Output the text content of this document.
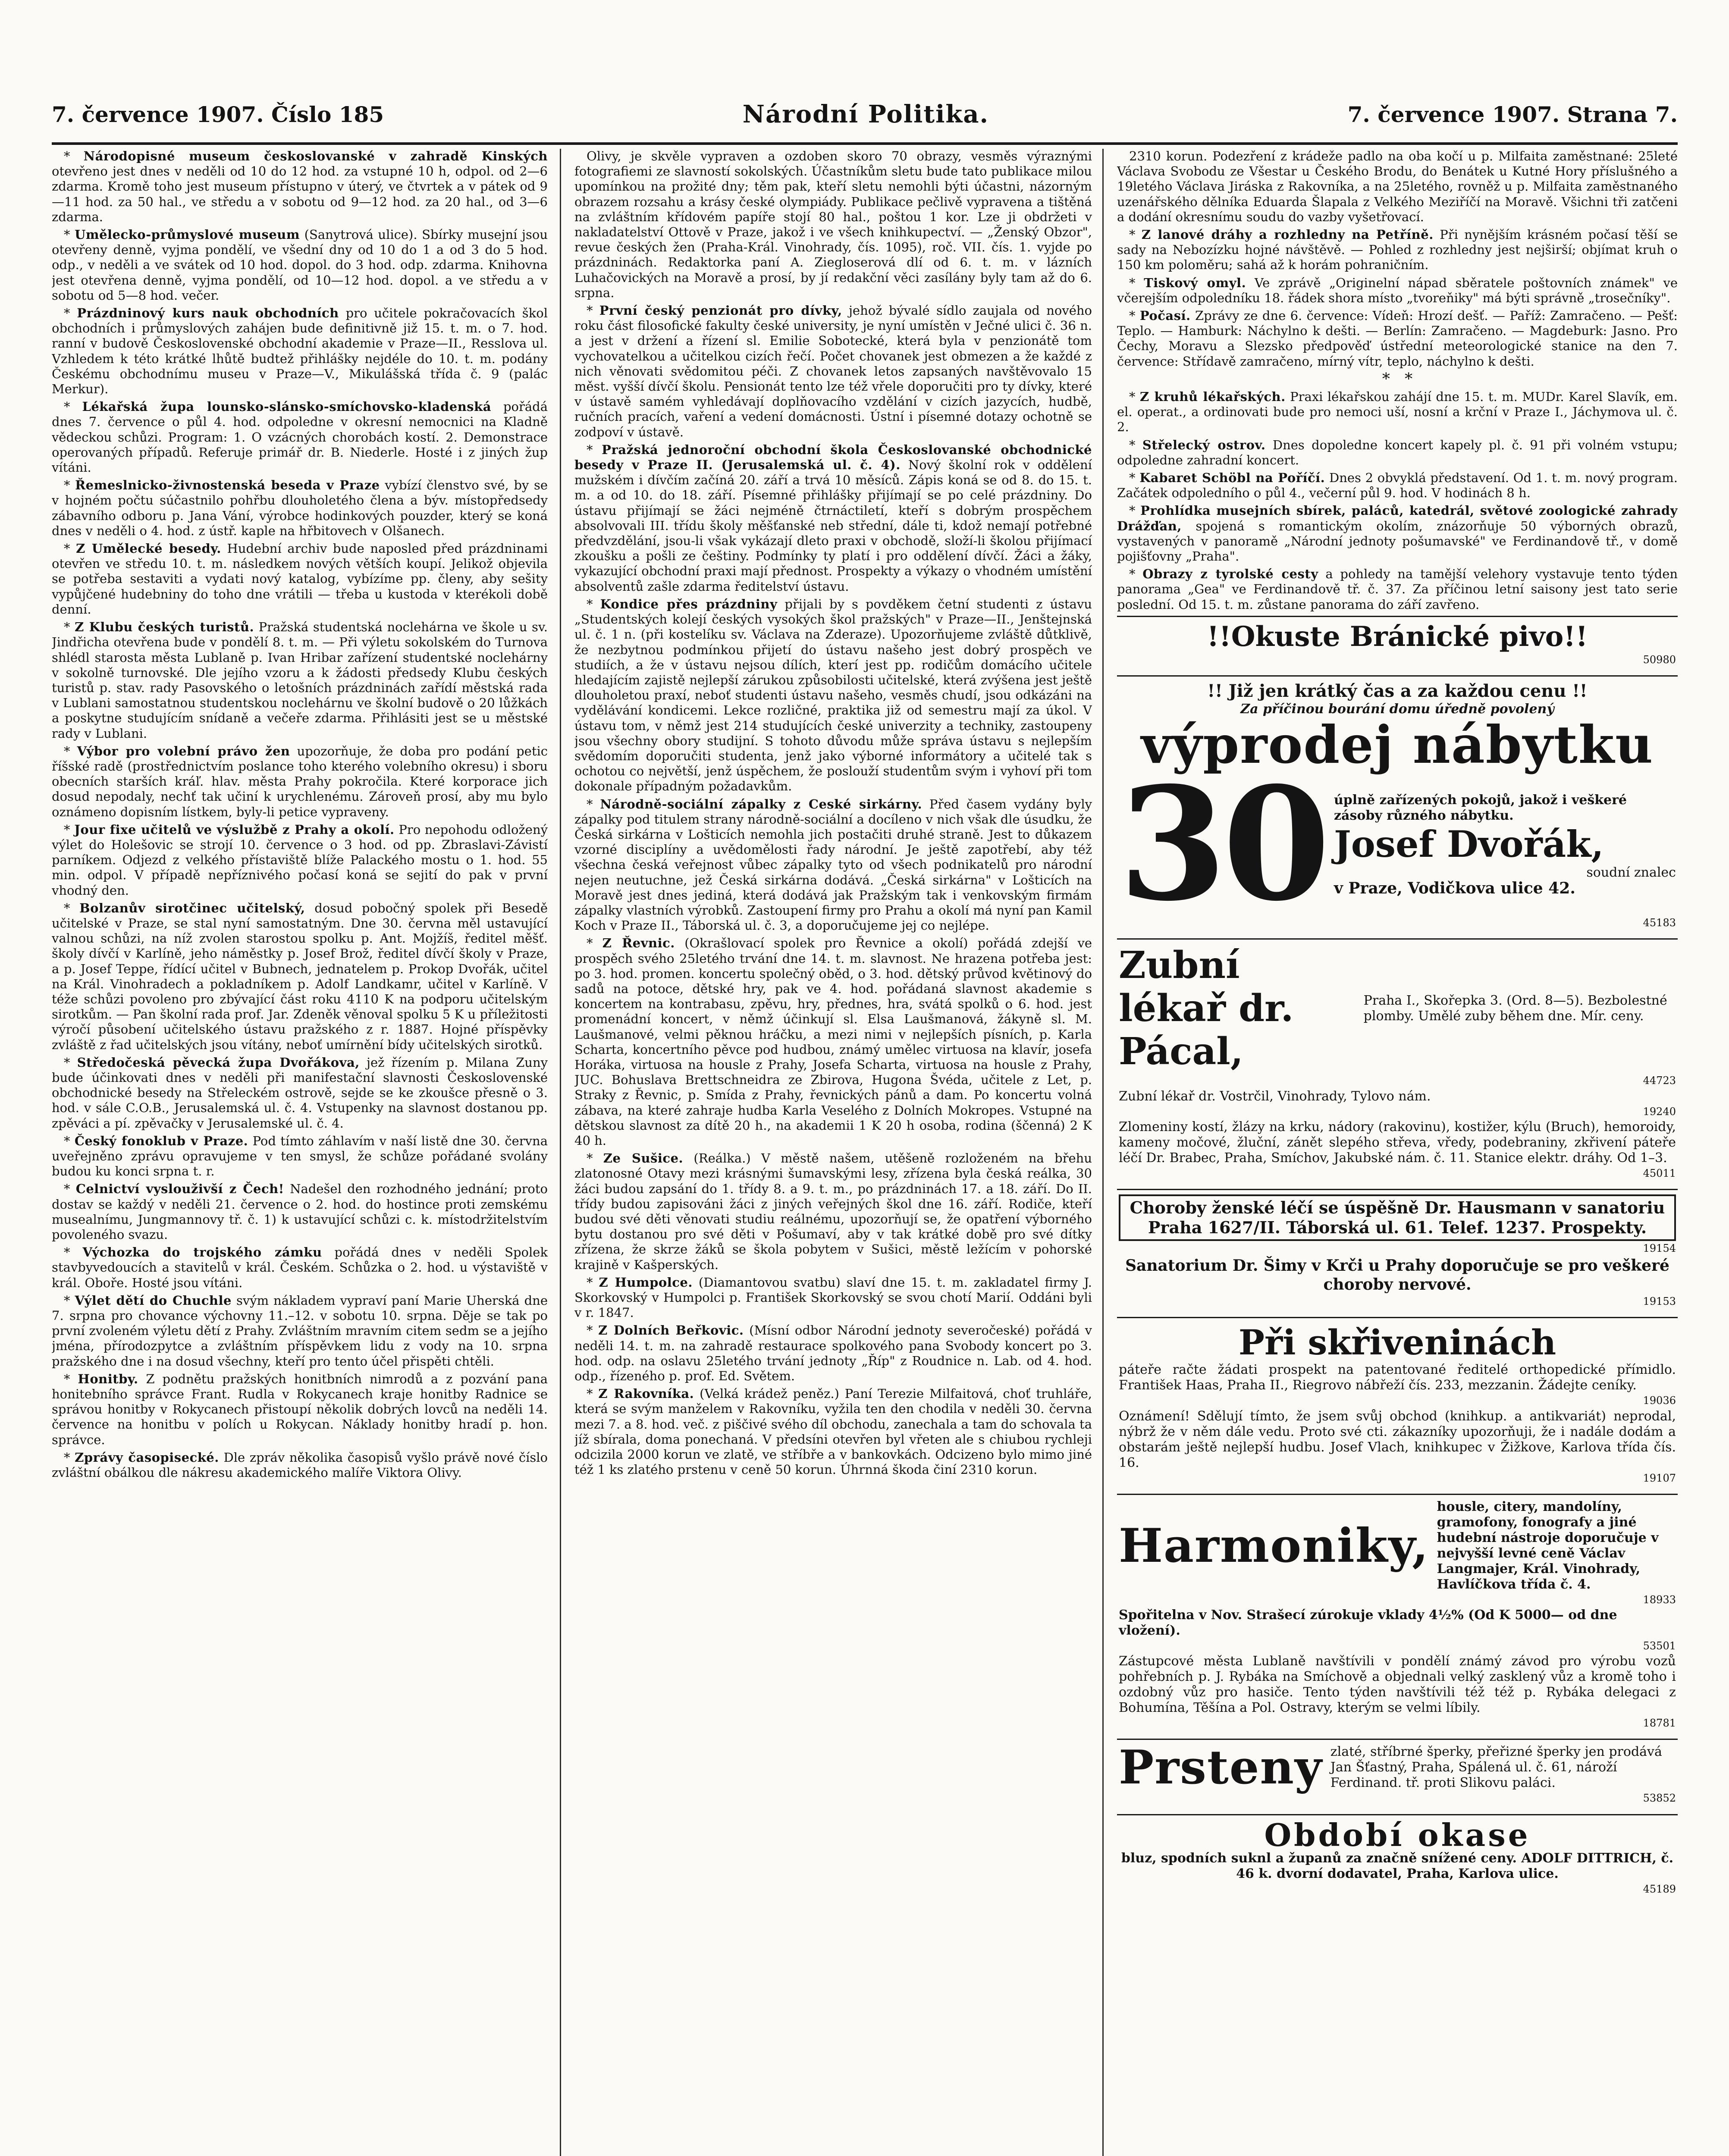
7. července 1907. Číslo 185	Národní Politika.	7. července 1907. Strana 7.

* Národopisné museum českoslovanské v zahradě Kinských otevřeno jest dnes v neděli od 10 do 12 hod. za vstupné 10 h, odpol. od 2—6 zdarma. Kromě toho jest museum přístupno v úterý, ve čtvrtek a v pátek od 9—11 hod. za 50 hal., ve středu a v sobotu od 9—12 hod. za 20 hal., od 3—6 zdarma.

* Umělecko-průmyslové museum (Sanytrová ulice). Sbírky musejní jsou otevřeny denně, vyjma pondělí, ve všední dny od 10 do 1 a od 3 do 5 hod. odp., v neděli a ve svátek od 10 hod. dopol. do 3 hod. odp. zdarma. Knihovna jest otevřena denně, vyjma pondělí, od 10—12 hod. dopol. a ve středu a v sobotu od 5—8 hod. večer.

* Prázdninový kurs nauk obchodních pro učitele pokračovacích škol obchodních i průmyslových zahájen bude definitivně již 15. t. m. o 7. hod. ranní v budově Československé obchodní akademie v Praze—II., Resslova ul. Vzhledem k této krátké lhůtě budtež přihlášky nejdéle do 10. t. m. podány Českému obchodnímu museu v Praze—V., Mikulášská třída č. 9 (palác Merkur).

* Lékařská župa lounsko-slánsko-smíchovsko-kladenská pořádá dnes 7. července o půl 4. hod. odpoledne v okresní nemocnici na Kladně vědeckou schůzi. Program: 1. O vzácných chorobách kostí. 2. Demonstrace operovaných případů. Referuje primář dr. B. Niederle. Hosté i z jiných žup vítáni.

* Řemeslnicko-živnostenská beseda v Praze vybízí členstvo své, by se v hojném počtu súčastnilo pohřbu dlouholetého člena a býv. místopředsedy zábavního odboru p. Jana Vání, výrobce hodinkových pouzder, který se koná dnes v neděli o 4. hod. z ústř. kaple na hřbitovech v Olšanech.

* Z Umělecké besedy. Hudební archiv bude naposled před prázdninami otevřen ve středu 10. t. m. následkem nových větších koupí. Jelikož objevila se potřeba sestaviti a vydati nový katalog, vybízíme pp. členy, aby sešity vypůjčené hudebniny do toho dne vrátili — třeba u kustoda v kterékoli době denní.

* Z Klubu českých turistů. Pražská studentská noclehárna ve škole u sv. Jindřicha otevřena bude v pondělí 8. t. m. — Při výletu sokolském do Turnova shlédl starosta města Lublaně p. Ivan Hribar zařízení studentské noclehárny v sokolně turnovské. Dle jejího vzoru a k žádosti předsedy Klubu českých turistů p. stav. rady Pasovského o letošních prázdninách zařídí městská rada v Lublani samostatnou studentskou noclehárnu ve školní budově o 20 lůžkách a poskytne studujícím snídaně a večeře zdarma. Přihlásiti jest se u městské rady v Lublani.

* Výbor pro volební právo žen upozorňuje, že doba pro podání petic říšské radě (prostřednictvím poslance toho kterého volebního okresu) i sboru obecních starších kráľ. hlav. města Prahy pokročila. Které korporace jich dosud nepodaly, nechť tak učiní k urychlenému. Zároveň prosí, aby mu bylo oznámeno dopisním lístkem, byly-li petice vypraveny.

* Jour fixe učitelů ve výslužbě z Prahy a okolí. Pro nepohodu odložený výlet do Holešovic se strojí 10. července o 3 hod. od pp. Zbraslavi-Závistí parníkem. Odjezd z velkého přístaviště blíže Palackého mostu o 1. hod. 55 min. odpol. V případě nepříznivého počasí koná se sejití do pak v první vhodný den.

* Bolzanův sirotčinec učitelský, dosud pobočný spolek při Besedě učitelské v Praze, se stal nyní samostatným. Dne 30. června měl ustavující valnou schůzi, na níž zvolen starostou spolku p. Ant. Mojžíš, ředitel měšť. školy dívčí v Karlíně, jeho náměstky p. Josef Brož, ředitel dívčí školy v Praze, a p. Josef Teppe, řídící učitel v Bubnech, jednatelem p. Prokop Dvořák, učitel na Král. Vinohradech a pokladníkem p. Adolf Landkamr, učitel v Karlíně. V téže schůzi povoleno pro zbývající část roku 4110 K na podporu učitelským sirotkům. — Pan školní rada prof. Jar. Zdeněk věnoval spolku 5 K u příležitosti výročí působení učitelského ústavu pražského z r. 1887. Hojné příspěvky zvláště z řad učitelských jsou vítány, neboť umírnění bídy učitelských sirotků.

* Středočeská pěvecká župa Dvořákova, jež řízením p. Milana Zuny bude účinkovati dnes v neděli při manifestační slavnosti Československé obchodnické besedy na Střeleckém ostrově, sejde se ke zkoušce přesně o 3. hod. v sále C.O.B., Jerusalemská ul. č. 4. Vstupenky na slavnost dostanou pp. zpěváci a pí. zpěvačky v Jerusalemské ul. č. 4.

* Český fonoklub v Praze. Pod tímto záhlavím v naší listě dne 30. června uveřejněno zprávu opravujeme v ten smysl, že schůze pořádané svolány budou ku konci srpna t. r.

* Celnictví vyslouživší z Čech! Nadešel den rozhodného jednání; proto dostav se každý v neděli 21. července o 2. hod. do hostince proti zemskému musealnímu, Jungmannovy tř. č. 1) k ustavující schůzi c. k. místodržitelstvím povoleného svazu.

* Výchozka do trojského zámku pořádá dnes v neděli Spolek stavbyvedoucích a stavitelů v král. Českém. Schůzka o 2. hod. u výstaviště v král. Oboře. Hosté jsou vítáni.

* Výlet dětí do Chuchle svým nákladem vypraví paní Marie Uherská dne 7. srpna pro chovance výchovny 11.–12. v sobotu 10. srpna. Děje se tak po první zvoleném výletu dětí z Prahy. Zvláštním mravním citem sedm se a jejího jména, přírodozpytce a zvláštním příspěvkem lidu z vody na 10. srpna pražského dne i na dosud všechny, kteří pro tento účel přispěti chtěli.

* Honitby. Z podnětu pražských honitbních nimrodů a z pozvání pana honitebního správce Frant. Rudla v Rokycanech kraje honitby Radnice se správou honitby v Rokycanech přistoupí několik dobrých lovců na neděli 14. července na honitbu v polích u Rokycan. Náklady honitby hradí p. hon. správce.

* Zprávy časopisecké. Dle zpráv několika časopisů vyšlo právě nové číslo zvláštní obálkou dle nákresu akademického malíře Viktora Olivy.

Olivy, je skvěle vypraven a ozdoben skoro 70 obrazy, vesměs výraznými fotografiemi ze slavností sokolských. Účastníkům sletu bude tato publikace milou upomínkou na prožité dny; těm pak, kteří sletu nemohli býti účastni, názorným obrazem rozsahu a krásy české olympiády. Publikace pečlivě vypravena a tištěná na zvláštním křídovém papíře stojí 80 hal., poštou 1 kor. Lze ji obdržeti v nakladatelství Ottově v Praze, jakož i ve všech knihkupectví. — „Ženský Obzor", revue českých žen (Praha-Král. Vinohrady, čís. 1095), roč. VII. čís. 1. vyjde po prázdninách. Redaktorka paní A. Ziegloserová dlí od 6. t. m. v lázních Luhačovických na Moravě a prosí, by jí redakční věci zasílány byly tam až do 6. srpna.

* První český penzionát pro dívky, jehož bývalé sídlo zaujala od nového roku část filosofické fakulty české university, je nyní umístěn v Ječné ulici č. 36 n. a jest v držení a řízení sl. Emilie Sobotecké, která byla v penzionátě tom vychovatelkou a učitelkou cizích řečí. Počet chovanek jest obmezen a že každé z nich věnovati svědomitou péči. Z chovanek letos zapsaných navštěvovalo 15 měst. vyšší dívčí školu. Pensionát tento lze též vřele doporučiti pro ty dívky, které v ústavě samém vyhledávají doplňovacího vzdělání v cizích jazycích, hudbě, ručních pracích, vaření a vedení domácnosti. Ústní i písemné dotazy ochotně se zodpoví v ústavě.

* Pražská jednoroční obchodní škola Českoslovanské obchodnické besedy v Praze II. (Jerusalemská ul. č. 4). Nový školní rok v oddělení mužském i dívčím začíná 20. září a trvá 10 měsíců. Zápis koná se od 8. do 15. t. m. a od 10. do 18. září. Písemné přihlášky přijímají se po celé prázdniny. Do ústavu přijímají se žáci nejméně čtrnáctiletí, kteří s dobrým prospěchem absolvovali III. třídu školy měšťanské neb střední, dále ti, kdož nemají potřebné předvzdělání, jsou-li však vykázají dleto praxi v obchodě, složí-li školou přijímací zkoušku a pošli ze češtiny. Podmínky ty platí i pro oddělení dívčí. Žáci a žáky, vykazující obchodní praxi mají přednost. Prospekty a výkazy o vhodném umístění absolventů zašle zdarma ředitelství ústavu.

* Kondice přes prázdniny přijali by s povděkem četní studenti z ústavu „Studentských kolejí českých vysokých škol pražských" v Praze—II., Jenštejnská ul. č. 1 n. (při kostelíku sv. Václava na Zderaze). Upozorňujeme zvláště důtklivě, že nezbytnou podmínkou přijetí do ústavu našeho jest dobrý prospěch ve studiích, a že v ústavu nejsou dílích, kterí jest pp. rodičům domácího učitele hledajícím zajistě nejlepší zárukou způsobilosti učitelské, která zvýšena jest ještě dlouholetou praxí, neboť studenti ústavu našeho, vesměs chudí, jsou odkázáni na vydělávání kondicemi. Lekce rozličné, praktika již od semestru mají za úkol. V ústavu tom, v němž jest 214 studujících české univerzity a techniky, zastoupeny jsou všechny obory studijní. S tohoto důvodu může správa ústavu s nejlepším svědomím doporučiti studenta, jenž jako výborné informátory a učitelé tak s ochotou co největší, jenž úspěchem, že poslouží studentům svým i vyhoví při tom dokonale případným požadavkům.

* Národně-sociální zápalky z Ceské sirkárny. Před časem vydány byly zápalky pod titulem strany národně-sociální a docíleno v nich však dle úsudku, že Česká sirkárna v Lošticích nemohla jich postačiti druhé straně. Jest to důkazem vzorné disciplíny a uvědomělosti řady národní. Je ještě zapotřebí, aby též všechna česká veřejnost vůbec zápalky tyto od všech podnikatelů pro národní nejen neutuchne, jež Česká sirkárna dodává. „Česká sirkárna" v Lošticích na Moravě jest dnes jediná, která dodává jak Pražským tak i venkovským firmám zápalky vlastních výrobků. Zastoupení firmy pro Prahu a okolí má nyní pan Kamil Koch v Praze II., Táborská ul. č. 3, a doporučujeme jej co nejlépe.

* Z Řevnic. (Okrašlovací spolek pro Řevnice a okolí) pořádá zdejší ve prospěch svého 25letého trvání dne 14. t. m. slavnost. Ne hrazena potřeba jest: po 3. hod. promen. koncertu společný oběd, o 3. hod. dětský průvod květinový do sadů na potoce, dětské hry, pak ve 4. hod. pořádaná slavnost akademie s koncertem na kontrabasu, zpěvu, hry, přednes, hra, svátá spolků o 6. hod. jest promenádní koncert, v němž účinkují sl. Elsa Laušmanová, žákyně sl. M. Laušmanové, velmi pěknou hráčku, a mezi nimi v nejlepších písních, p. Karla Scharta, koncertního pěvce pod hudbou, známý umělec virtuosa na klavír, josefa Horáka, virtuosa na housle z Prahy, Josefa Scharta, virtuosa na housle z Prahy, JUC. Bohuslava Brettschneidra ze Zbirova, Hugona Švéda, učitele z Let, p. Straky z Řevnic, p. Smída z Prahy, řevnických pánů a dam. Po koncertu volná zábava, na které zahraje hudba Karla Veselého z Dolních Mokropes. Vstupné na dětskou slavnost za dítě 20 h., na akademii 1 K 20 h osoba, rodina (ščenná) 2 K 40 h.

* Ze Sušice. (Reálka.) V městě našem, utěšeně rozloženém na břehu zlatonosné Otavy mezi krásnými šumavskými lesy, zřízena byla česká reálka, 30 žáci budou zapsání do 1. třídy 8. a 9. t. m., po prázdninách 17. a 18. září. Do II. třídy budou zapisováni žáci z jiných veřejných škol dne 16. září. Rodiče, kteří budou své děti věnovati studiu reálnému, upozorňují se, že opatření výborného bytu dostanou pro své děti v Pošumaví, aby v tak krátké době pro své dítky zřízena, že skrze žáků se škola pobytem v Sušici, městě ležícím v pohorské krajině v Kašperských.

* Z Humpolce. (Diamantovou svatbu) slaví dne 15. t. m. zakladatel firmy J. Skorkovský v Humpolci p. František Skorkovský se svou chotí Marií. Oddáni byli v r. 1847.

* Z Dolních Beřkovic. (Mísní odbor Národní jednoty severočeské) pořádá v neděli 14. t. m. na zahradě restaurace spolkového pana Svobody koncert po 3. hod. odp. na oslavu 25letého trvání jednoty „Říp" z Roudnice n. Lab. od 4. hod. odp., řízeného p. prof. Ed. Světem.

* Z Rakovníka. (Velká krádež peněz.) Paní Terezie Milfaitová, choť truhláře, která se svým manželem v Rakovníku, vyžila ten den chodila v neděli 30. června mezi 7. a 8. hod. več. z piščivé svého díl obchodu, zanechala a tam do schovala ta jíž sbírala, doma ponechaná. V předsíni otevřen byl vřeten ale s chiubou rychleji odcizila 2000 korun ve zlatě, ve stříbře a v bankovkách. Odcizeno bylo mimo jiné též 1 ks zlatého prstenu v ceně 50 korun. Úhrnná škoda činí 2310 korun.

2310 korun. Podezření z krádeže padlo na oba kočí u p. Milfaita zaměstnané: 25leté Václava Svobodu ze Všestar u Českého Brodu, do Benátek u Kutné Hory příslušného a 19letého Václava Jiráska z Rakovníka, a na 25letého, rovněž u p. Milfaita zaměstnaného uzenářského dělníka Eduarda Šlapala z Velkého Meziříčí na Moravě. Všichni tři zatčeni a dodání okresnímu soudu do vazby vyšetřovací.

* Z lanové dráhy a rozhledny na Petříně. Při nynějším krásném počasí těší se sady na Nebozízku hojné návštěvě. — Pohled z rozhledny jest nejširší; objímat kruh o 150 km poloměru; sahá až k horám pohraničním.

* Tiskový omyl. Ve zprávě „Originelní nápad sběratele poštovních známek" ve včerejším odpoledníku 18. řádek shora místo „tvoreňiky" má býti správně „trosečníky".

* Počasí. Zprávy ze dne 6. července: Vídeň: Hrozí dešť. — Paříž: Zamračeno. — Pešť: Teplo. — Hamburk: Náchylno k dešti. — Berlín: Zamračeno. — Magdeburk: Jasno. Pro Čechy, Moravu a Slezsko předpověď ústřední meteorologické stanice na den 7. července: Střídavě zamračeno, mírný vítr, teplo, náchylno k dešti.

*   *

* Z kruhů lékařských. Praxi lékařskou zahájí dne 15. t. m. MUDr. Karel Slavík, em. el. operat., a ordinovati bude pro nemoci uší, nosní a krční v Praze I., Jáchymova ul. č. 2.

* Střelecký ostrov. Dnes dopoledne koncert kapely pl. č. 91 při volném vstupu; odpoledne zahradní koncert.

* Kabaret Schöbl na Poříčí. Dnes 2 obvyklá představení. Od 1. t. m. nový program. Začátek odpoledního o půl 4., večerní půl 9. hod. V hodinách 8 h.

* Prohlídka musejních sbírek, paláců, katedrál, světové zoologické zahrady Drážďan, spojená s romantickým okolím, znázorňuje 50 výborných obrazů, vystavených v panoramě „Národní jednoty pošumavské" ve Ferdinandově tř., v domě pojišťovny „Praha".

* Obrazy z tyrolské cesty a pohledy na tamější velehory vystavuje tento týden panorama „Gea" ve Ferdinandově tř. č. 37. Za příčinou letní saisony jest tato serie poslední. Od 15. t. m. zůstane panorama do září zavřeno.

!!Okuste Bránické pivo!!
50980
!! Již jen krátký čas a za každou cenu !!
Za příčinou bourání domu úředně povolený
výprodej nábytku
30 úplně zařízených pokojů, jakož i veškeré zásoby různého nábytku.
Josef Dvořák,
soudní znalec
v Praze, Vodičkova ulice 42.
45183
Zubní lékař dr. Pácal,
Praha I., Skořepka 3. (Ord. 8—5). Bezbolestné plomby. Umělé zuby během dne. Mír. ceny.
44723
Zubní lékař dr. Vostrčil, Vinohrady, Tylovo nám.
19240
Zlomeniny kostí, žlázy na krku, nádory (rakovinu), kostižer, kýlu (Bruch), hemoroidy, kameny močové, žluční, zánět slepého střeva, vředy, podebraniny, zkřivení páteře léčí Dr. Brabec, Praha, Smíchov, Jakubské nám. č. 11. Stanice elektr. dráhy. Od 1–3.
45011
Choroby ženské léčí se úspěšně Dr. Hausmann v sanatoriu Praha 1627/II. Táborská ul. 61. Telef. 1237. Prospekty.
19154
Sanatorium Dr. Šimy v Krči u Prahy doporučuje se pro veškeré choroby nervové.
19153
Při skřiveninách
páteře račte žádati prospekt na patentované ředitelé orthopedické přímidlo. František Haas, Praha II., Riegrovo nábřeží čís. 233, mezzanin. Žádejte ceníky.
19036
Oznámení! Sdělují tímto, že jsem svůj obchod (knihkup. a antikvariát) neprodal, nýbrž že v něm dále vedu. Proto své cti. zákazníky upozorňuji, že i nadále dodám a obstarám ještě nejlepší hudbu. Josef Vlach, knihkupec v Žižkove, Karlova třída čís. 16.
19107
Harmoniky,
housle, citery, mandolíny, gramofony, fonografy a jiné hudební nástroje doporučuje v nejvyšší levné ceně Václav Langmajer, Král. Vinohrady, Havlíčkova třída č. 4.
18933
Spořitelna v Nov. Strašecí zúrokuje vklady 4½% (Od K 5000— od dne vložení).
53501
Zástupcové města Lublaně navštívili v pondělí známý závod pro výrobu vozů pohřebních p. J. Rybáka na Smíchově a objednali velký zasklený vůz a kromě toho i ozdobný vůz pro hasiče. Tento týden navštívili též též p. Rybáka delegaci z Bohumína, Těšína a Pol. Ostravy, kterým se velmi líbily.
18781
Prsteny zlaté, stříbrné šperky, přeřizné šperky jen prodává Jan Šťastný, Praha, Spálená ul. č. 61, nároží Ferdinand. tř. proti Slikovu paláci.
53852
Období okase
bluz, spodních suknl a županů za značně snížené ceny. ADOLF DITTRICH, č. 46 k. dvorní dodavatel, Praha, Karlova ulice.
45189
